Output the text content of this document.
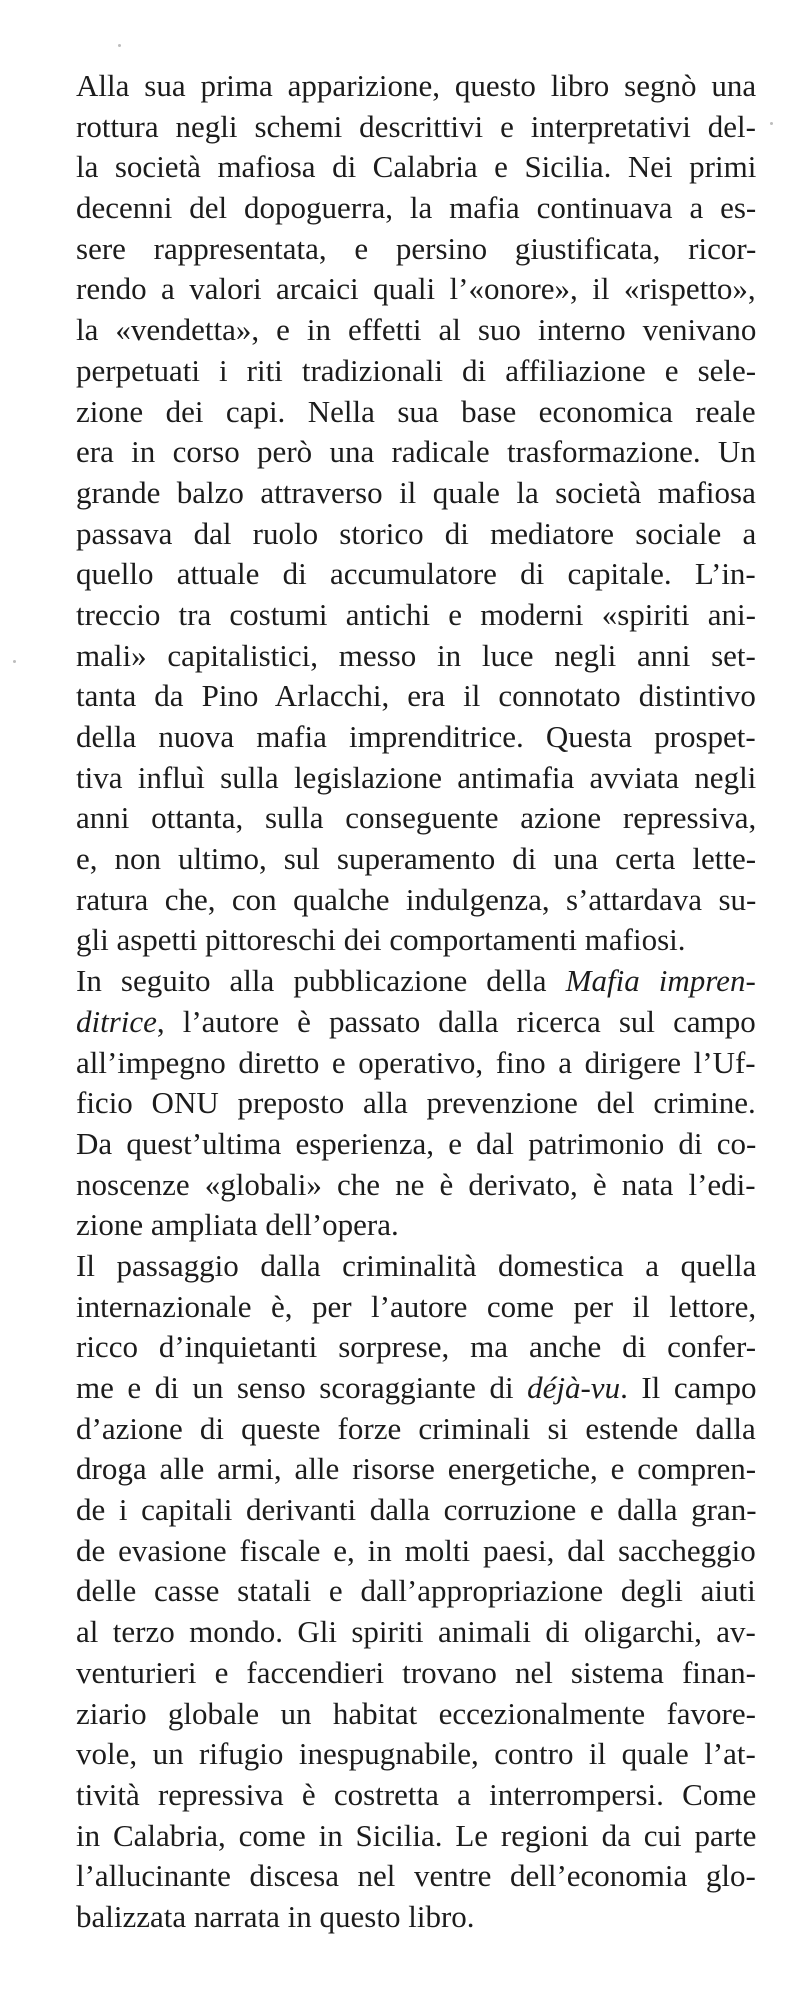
Alla sua prima apparizione, questo libro segnò una
rottura negli schemi descrittivi e interpretativi del-
la società mafiosa di Calabria e Sicilia. Nei primi
decenni del dopoguerra, la mafia continuava a es-
sere rappresentata, e persino giustificata, ricor-
rendo a valori arcaici quali l’«onore», il «rispetto»,
la «vendetta», e in effetti al suo interno venivano
perpetuati i riti tradizionali di affiliazione e sele-
zione dei capi. Nella sua base economica reale
era in corso però una radicale trasformazione. Un
grande balzo attraverso il quale la società mafiosa
passava dal ruolo storico di mediatore sociale a
quello attuale di accumulatore di capitale. L’in-
treccio tra costumi antichi e moderni «spiriti ani-
mali» capitalistici, messo in luce negli anni set-
tanta da Pino Arlacchi, era il connotato distintivo
della nuova mafia imprenditrice. Questa prospet-
tiva influì sulla legislazione antimafia avviata negli
anni ottanta, sulla conseguente azione repressiva,
e, non ultimo, sul superamento di una certa lette-
ratura che, con qualche indulgenza, s’attardava su-
gli aspetti pittoreschi dei comportamenti mafiosi.
In seguito alla pubblicazione della Mafia impren-
ditrice, l’autore è passato dalla ricerca sul campo
all’impegno diretto e operativo, fino a dirigere l’Uf-
ficio ONU preposto alla prevenzione del crimine.
Da quest’ultima esperienza, e dal patrimonio di co-
noscenze «globali» che ne è derivato, è nata l’edi-
zione ampliata dell’opera.
Il passaggio dalla criminalità domestica a quella
internazionale è, per l’autore come per il lettore,
ricco d’inquietanti sorprese, ma anche di confer-
me e di un senso scoraggiante di déjà-vu. Il campo
d’azione di queste forze criminali si estende dalla
droga alle armi, alle risorse energetiche, e compren-
de i capitali derivanti dalla corruzione e dalla gran-
de evasione fiscale e, in molti paesi, dal saccheggio
delle casse statali e dall’appropriazione degli aiuti
al terzo mondo. Gli spiriti animali di oligarchi, av-
venturieri e faccendieri trovano nel sistema finan-
ziario globale un habitat eccezionalmente favore-
vole, un rifugio inespugnabile, contro il quale l’at-
tività repressiva è costretta a interrompersi. Come
in Calabria, come in Sicilia. Le regioni da cui parte
l’allucinante discesa nel ventre dell’economia glo-
balizzata narrata in questo libro.
